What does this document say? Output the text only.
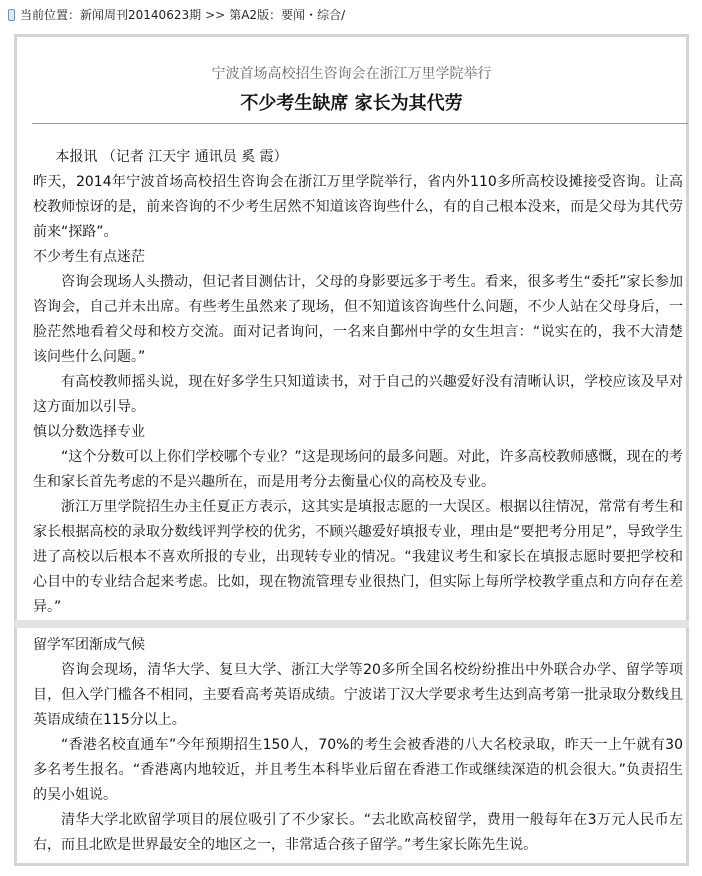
当前位置：新闻周刊20140623期 >> 第A2版：要闻・综合/
宁波首场高校招生咨询会在浙江万里学院举行
不少考生缺席 家长为其代劳

本报讯 （记者 江天宇 通讯员 奚 霞）

昨天，2014年宁波首场高校招生咨询会在浙江万里学院举行，省内外110多所高校设摊接受咨询。让高校教师惊讶的是，前来咨询的不少考生居然不知道该咨询些什么，有的自己根本没来，而是父母为其代劳前来“探路”。

不少考生有点迷茫

咨询会现场人头攒动，但记者目测估计，父母的身影要远多于考生。看来，很多考生“委托”家长参加咨询会，自己并未出席。有些考生虽然来了现场，但不知道该咨询些什么问题，不少人站在父母身后，一脸茫然地看着父母和校方交流。面对记者询问，一名来自鄞州中学的女生坦言：“说实在的，我不大清楚该问些什么问题。”

有高校教师摇头说，现在好多学生只知道读书，对于自己的兴趣爱好没有清晰认识，学校应该及早对这方面加以引导。

慎以分数选择专业

“这个分数可以上你们学校哪个专业？”这是现场问的最多问题。对此，许多高校教师感慨，现在的考生和家长首先考虑的不是兴趣所在，而是用考分去衡量心仪的高校及专业。

浙江万里学院招生办主任夏正方表示，这其实是填报志愿的一大误区。根据以往情况，常常有考生和家长根据高校的录取分数线评判学校的优劣，不顾兴趣爱好填报专业，理由是“要把考分用足”，导致学生进了高校以后根本不喜欢所报的专业，出现转专业的情况。“我建议考生和家长在填报志愿时要把学校和心目中的专业结合起来考虑。比如，现在物流管理专业很热门，但实际上每所学校教学重点和方向存在差异。”

留学军团渐成气候

咨询会现场，清华大学、复旦大学、浙江大学等20多所全国名校纷纷推出中外联合办学、留学等项目，但入学门槛各不相同，主要看高考英语成绩。宁波诺丁汉大学要求考生达到高考第一批录取分数线且英语成绩在115分以上。

“香港名校直通车”今年预期招生150人，70%的考生会被香港的八大名校录取，昨天一上午就有30多名考生报名。“香港离内地较近，并且考生本科毕业后留在香港工作或继续深造的机会很大。”负责招生的吴小姐说。

清华大学北欧留学项目的展位吸引了不少家长。“去北欧高校留学，费用一般每年在3万元人民币左右，而且北欧是世界最安全的地区之一，非常适合孩子留学。”考生家长陈先生说。
